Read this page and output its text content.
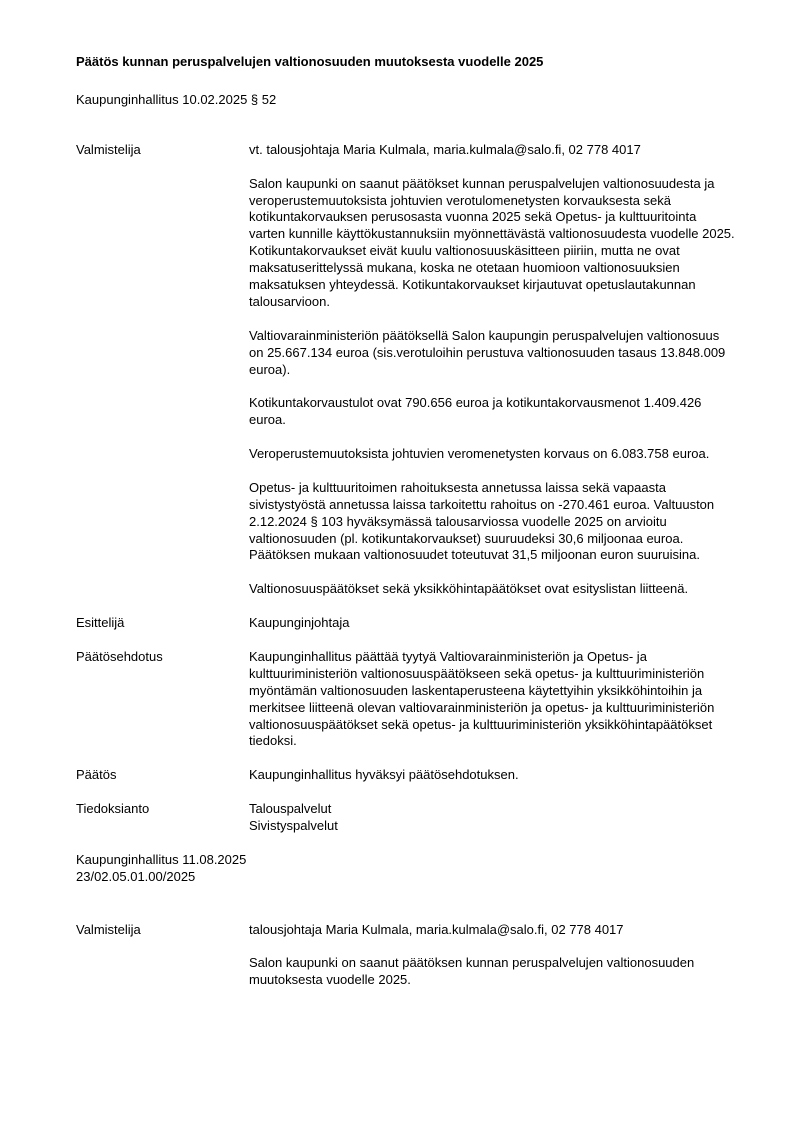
Päätös kunnan peruspalvelujen valtionosuuden muutoksesta vuodelle 2025

Kaupunginhallitus 10.02.2025 § 52
Valmistelija	vt. talousjohtaja Maria Kulmala, maria.kulmala@salo.fi, 02 778 4017

Salon kaupunki on saanut päätökset kunnan peruspalvelujen valtionosuudesta ja veroperustemuutoksista johtuvien verotulomenetysten korvauksesta sekä kotikuntakorvauksen perusosasta vuonna 2025 sekä Opetus- ja kulttuuritointa varten kunnille käyttökustannuksiin myönnettävästä valtionosuudesta vuodelle 2025. Kotikuntakorvaukset eivät kuulu valtionosuuskäsitteen piiriin, mutta ne ovat maksatuserittelyssä mukana, koska ne otetaan huomioon valtionosuuksien maksatuksen yhteydessä. Kotikuntakorvaukset kirjautuvat opetuslautakunnan talousarvioon.

Valtiovarainministeriön päätöksellä Salon kaupungin peruspalvelujen valtionosuus on 25.667.134 euroa (sis.verotuloihin perustuva valtionosuuden tasaus 13.848.009 euroa).

Kotikuntakorvaustulot ovat 790.656 euroa ja kotikuntakorvausmenot 1.409.426 euroa.

Veroperustemuutoksista johtuvien veromenetysten korvaus on 6.083.758 euroa.

Opetus- ja kulttuuritoimen rahoituksesta annetussa laissa sekä vapaasta sivistystyöstä annetussa laissa tarkoitettu rahoitus on -270.461 euroa. Valtuuston 2.12.2024 § 103 hyväksymässä talousarviossa vuodelle 2025 on arvioitu valtionosuuden (pl. kotikuntakorvaukset) suuruudeksi 30,6 miljoonaa euroa. Päätöksen mukaan valtionosuudet toteutuvat 31,5 miljoonan euron suuruisina.

Valtionosuuspäätökset sekä yksikköhintapäätökset ovat esityslistan liitteenä.

Esittelijä	Kaupunginjohtaja
Päätösehdotus	Kaupunginhallitus päättää tyytyä Valtiovarainministeriön ja Opetus- ja kulttuuriministeriön valtionosuuspäätökseen sekä opetus- ja kulttuuriministeriön myöntämän valtionosuuden laskentaperusteena käytettyihin yksikköhintoihin ja merkitsee liitteenä olevan valtiovarainministeriön ja opetus- ja kulttuuriministeriön valtionosuuspäätökset sekä opetus- ja kulttuuriministeriön yksikköhintapäätökset tiedoksi.
Päätös	Kaupunginhallitus hyväksyi päätösehdotuksen.
Tiedoksianto	Talouspalvelut
Sivistyspalvelut
Kaupunginhallitus 11.08.2025
23/02.05.01.00/2025
Valmistelija	talousjohtaja Maria Kulmala, maria.kulmala@salo.fi, 02 778 4017

Salon kaupunki on saanut päätöksen kunnan peruspalvelujen valtionosuuden muutoksesta vuodelle 2025.
